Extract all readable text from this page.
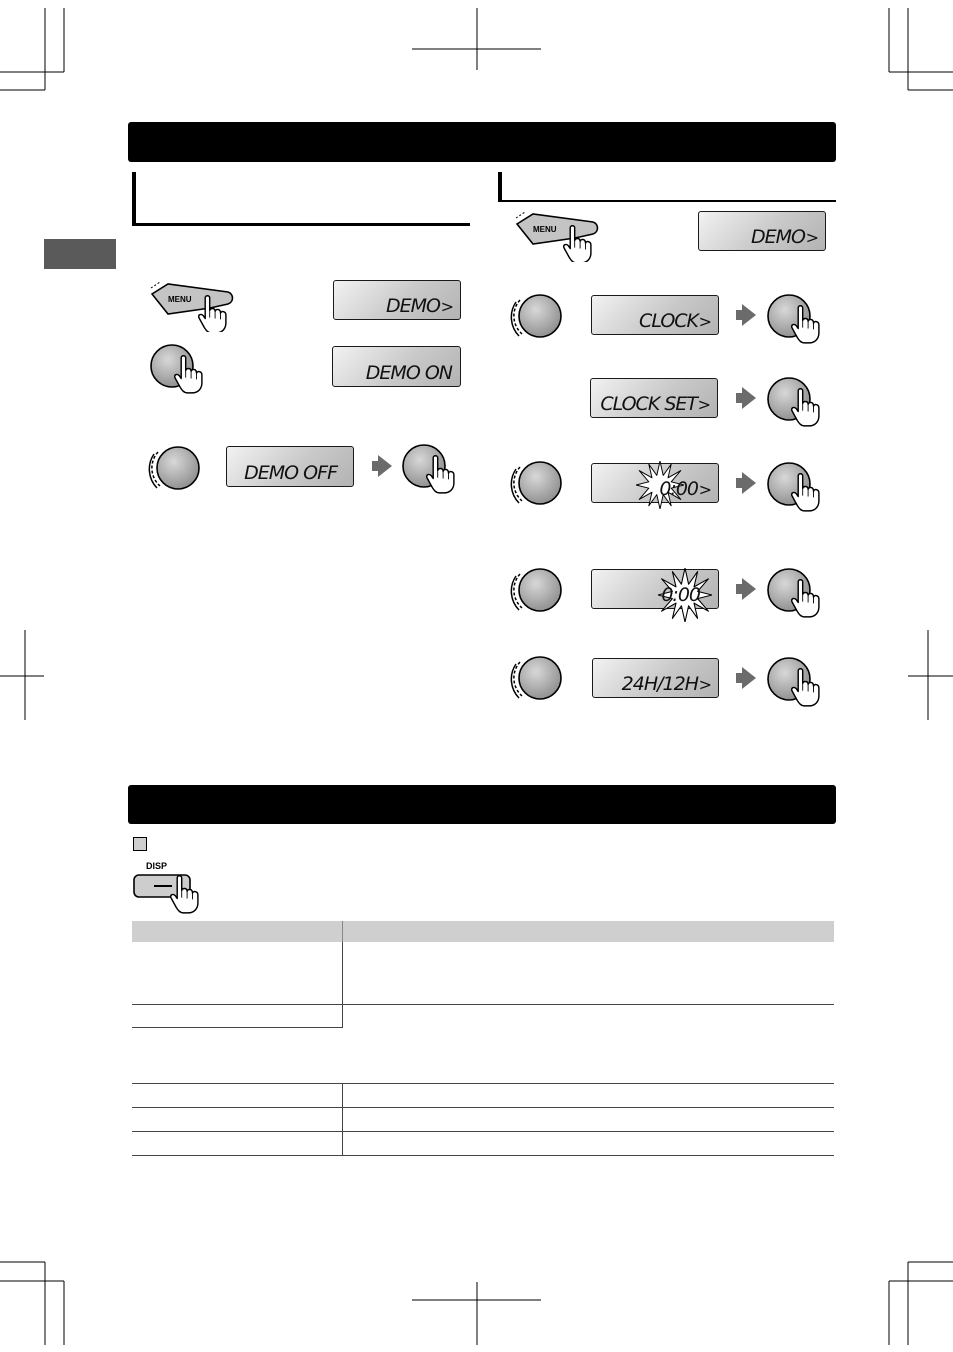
MENU	DEMO >
DEMO ON
DEMO OFF
MENU	DEMO >
CLOCK >
CLOCK SET >
0:00 >
0:00
24H/12H >
DISP
